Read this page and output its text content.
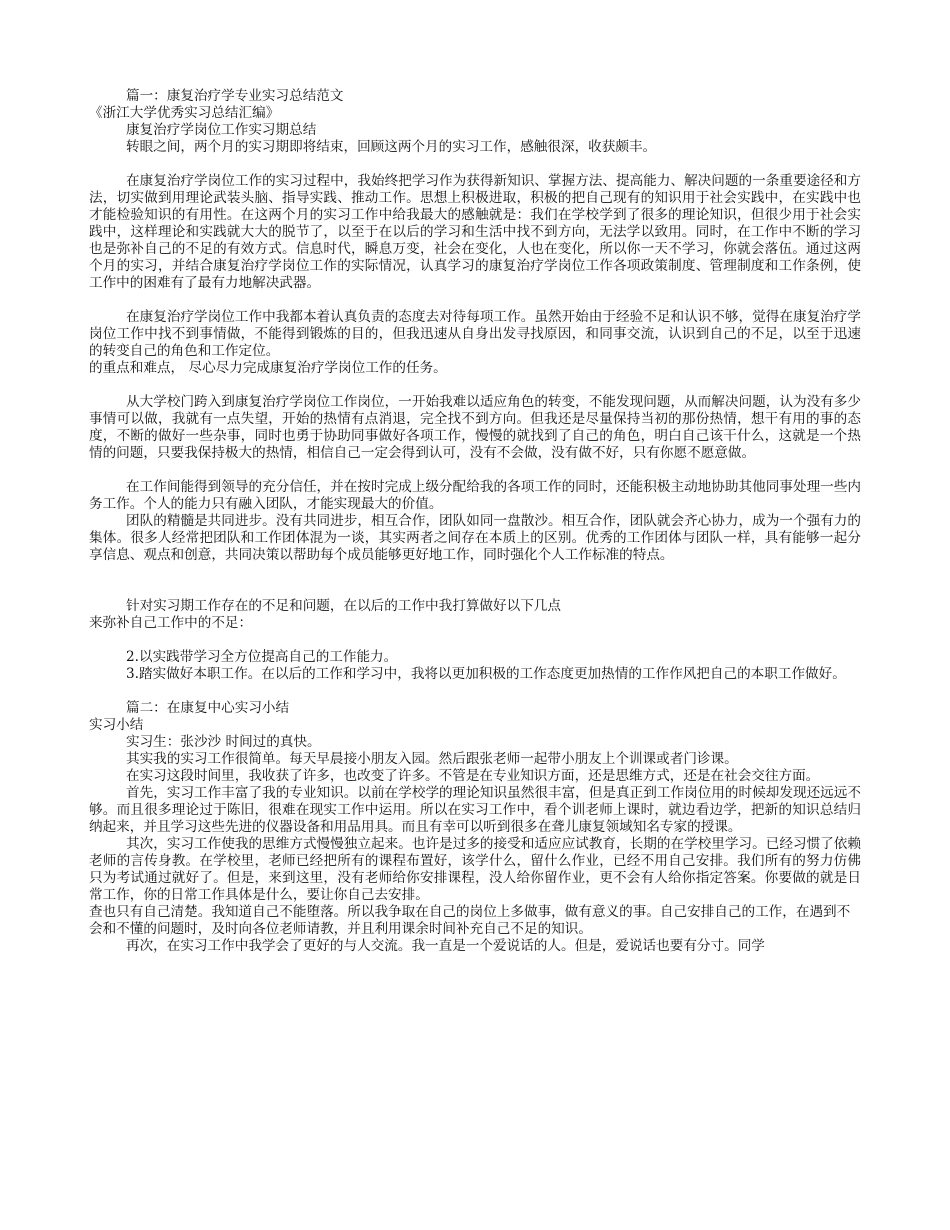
篇一：康复治疗学专业实习总结范文

《浙江大学优秀实习总结汇编》

康复治疗学岗位工作实习期总结

转眼之间，两个月的实习期即将结束，回顾这两个月的实习工作，感触很深，收获颇丰。

在康复治疗学岗位工作的实习过程中，我始终把学习作为获得新知识、掌握方法、提高能力、解决问题的一条重要途径和方法，切实做到用理论武装头脑、指导实践、推动工作。思想上积极进取，积极的把自己现有的知识用于社会实践中，在实践中也才能检验知识的有用性。在这两个月的实习工作中给我最大的感触就是：我们在学校学到了很多的理论知识，但很少用于社会实践中，这样理论和实践就大大的脱节了，以至于在以后的学习和生活中找不到方向，无法学以致用。同时，在工作中不断的学习也是弥补自己的不足的有效方式。信息时代，瞬息万变，社会在变化，人也在变化，所以你一天不学习，你就会落伍。通过这两个月的实习，并结合康复治疗学岗位工作的实际情况，认真学习的康复治疗学岗位工作各项政策制度、管理制度和工作条例，使工作中的困难有了最有力地解决武器。

在康复治疗学岗位工作中我都本着认真负责的态度去对待每项工作。虽然开始由于经验不足和认识不够，觉得在康复治疗学岗位工作中找不到事情做，不能得到锻炼的目的，但我迅速从自身出发寻找原因，和同事交流，认识到自己的不足，以至于迅速的转变自己的角色和工作定位。

的重点和难点， 尽心尽力完成康复治疗学岗位工作的任务。

从大学校门跨入到康复治疗学岗位工作岗位，一开始我难以适应角色的转变，不能发现问题，从而解决问题，认为没有多少事情可以做，我就有一点失望，开始的热情有点消退，完全找不到方向。但我还是尽量保持当初的那份热情，想干有用的事的态度，不断的做好一些杂事，同时也勇于协助同事做好各项工作，慢慢的就找到了自己的角色，明白自己该干什么，这就是一个热情的问题，只要我保持极大的热情，相信自己一定会得到认可，没有不会做，没有做不好，只有你愿不愿意做。

在工作间能得到领导的充分信任，并在按时完成上级分配给我的各项工作的同时，还能积极主动地协助其他同事处理一些内务工作。个人的能力只有融入团队，才能实现最大的价值。

团队的精髓是共同进步。没有共同进步，相互合作，团队如同一盘散沙。相互合作，团队就会齐心协力，成为一个强有力的集体。很多人经常把团队和工作团体混为一谈，其实两者之间存在本质上的区别。优秀的工作团体与团队一样，具有能够一起分享信息、观点和创意，共同决策以帮助每个成员能够更好地工作，同时强化个人工作标准的特点。

针对实习期工作存在的不足和问题，在以后的工作中我打算做好以下几点

来弥补自己工作中的不足：

2.以实践带学习全方位提高自己的工作能力。

3.踏实做好本职工作。在以后的工作和学习中，我将以更加积极的工作态度更加热情的工作作风把自己的本职工作做好。

篇二：在康复中心实习小结

实习小结

实习生：张沙沙 时间过的真快。

其实我的实习工作很简单。每天早晨接小朋友入园。然后跟张老师一起带小朋友上个训课或者门诊课。

在实习这段时间里，我收获了许多，也改变了许多。不管是在专业知识方面，还是思维方式，还是在社会交往方面。

首先，实习工作丰富了我的专业知识。以前在学校学的理论知识虽然很丰富，但是真正到工作岗位用的时候却发现还远远不够。而且很多理论过于陈旧，很难在现实工作中运用。所以在实习工作中，看个训老师上课时，就边看边学，把新的知识总结归纳起来，并且学习这些先进的仪器设备和用品用具。而且有幸可以听到很多在聋儿康复领域知名专家的授课。

其次，实习工作使我的思维方式慢慢独立起来。也许是过多的接受和适应应试教育，长期的在学校里学习。已经习惯了依赖老师的言传身教。在学校里，老师已经把所有的课程布置好，该学什么，留什么作业，已经不用自己安排。我们所有的努力仿佛只为考试通过就好了。但是，来到这里，没有老师给你安排课程，没人给你留作业，更不会有人给你指定答案。你要做的就是日常工作，你的日常工作具体是什么，要让你自己去安排。

查也只有自己清楚。我知道自己不能堕落。所以我争取在自己的岗位上多做事，做有意义的事。自己安排自己的工作，在遇到不会和不懂的问题时，及时向各位老师请教，并且利用课余时间补充自己不足的知识。

再次，在实习工作中我学会了更好的与人交流。我一直是一个爱说话的人。但是，爱说话也要有分寸。同学
